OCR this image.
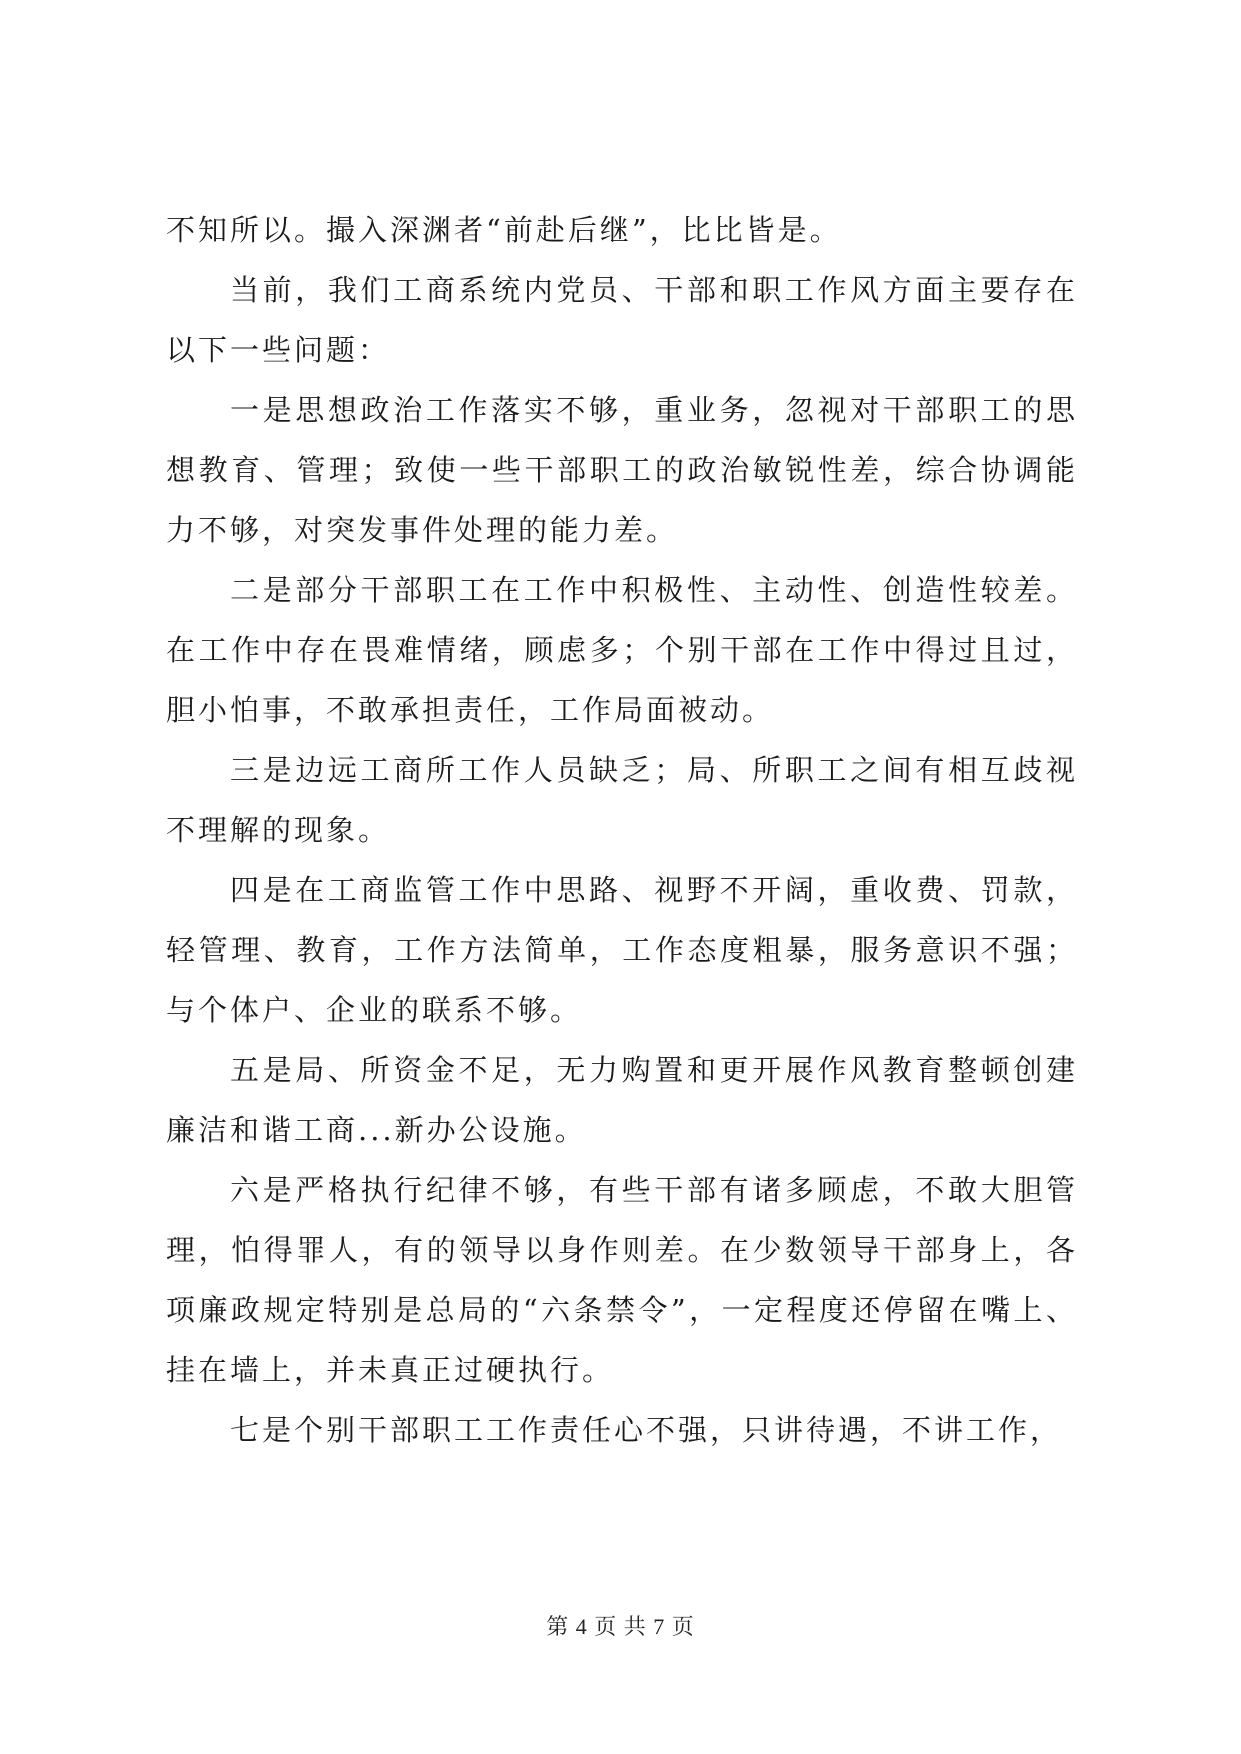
不知所以。撮入深渊者“前赴后继”，比比皆是。

当前，我们工商系统内党员、干部和职工作风方面主要存在以下一些问题：

一是思想政治工作落实不够，重业务，忽视对干部职工的思想教育、管理；致使一些干部职工的政治敏锐性差，综合协调能力不够，对突发事件处理的能力差。

二是部分干部职工在工作中积极性、主动性、创造性较差。在工作中存在畏难情绪，顾虑多；个别干部在工作中得过且过，胆小怕事，不敢承担责任，工作局面被动。

三是边远工商所工作人员缺乏；局、所职工之间有相互歧视不理解的现象。

四是在工商监管工作中思路、视野不开阔，重收费、罚款，轻管理、教育，工作方法简单，工作态度粗暴，服务意识不强；与个体户、企业的联系不够。

五是局、所资金不足，无力购置和更开展作风教育整顿创建廉洁和谐工商...新办公设施。

六是严格执行纪律不够，有些干部有诸多顾虑，不敢大胆管理，怕得罪人，有的领导以身作则差。在少数领导干部身上，各项廉政规定特别是总局的“六条禁令”，一定程度还停留在嘴上、挂在墙上，并未真正过硬执行。

七是个别干部职工工作责任心不强，只讲待遇，不讲工作，

第 4 页 共 7 页
